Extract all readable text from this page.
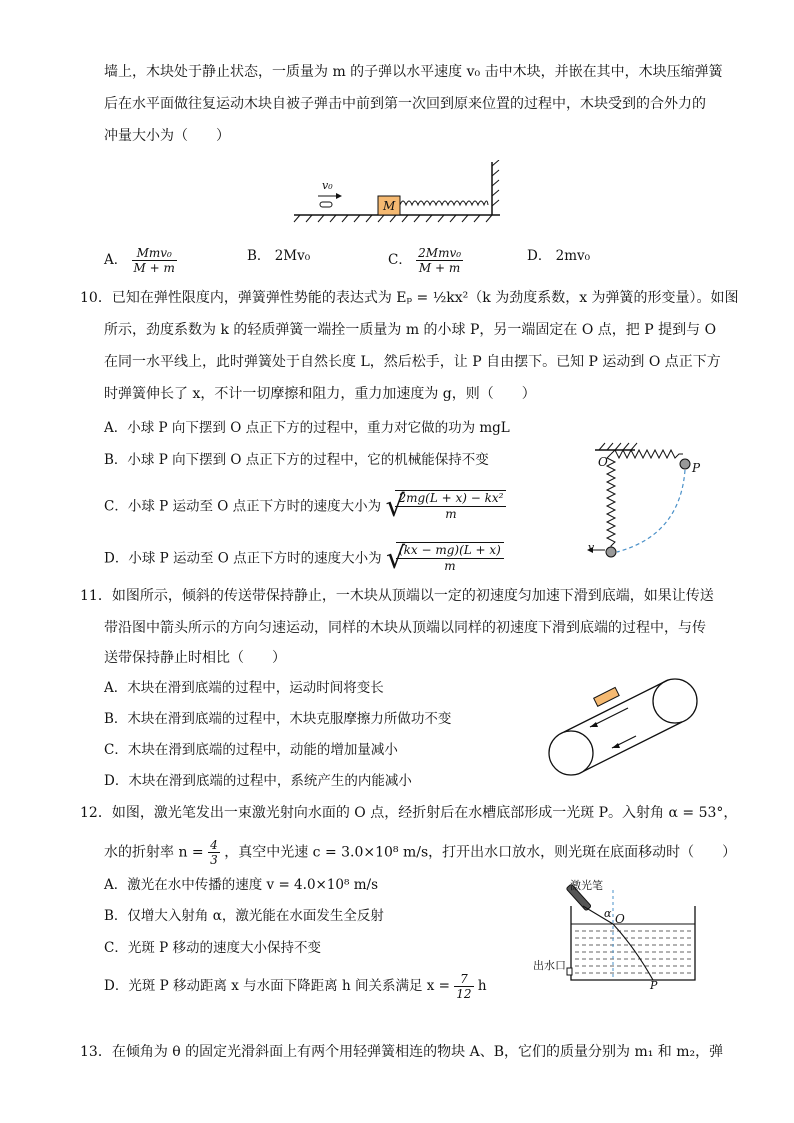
墙上，木块处于静止状态，一质量为 m 的子弹以水平速度 v₀ 击中木块，并嵌在其中，木块压缩弹簧
后在水平面做往复运动木块自被子弹击中前到第一次回到原来位置的过程中，木块受到的合外力的
冲量大小为（　　）
v₀
M
A． $\frac{\text{Mmv₀}}{M + m}$	B． 2Mv₀	C． $\frac{\text{2Mmv₀}}{M + m}$	D． 2mv₀
10．已知在弹性限度内，弹簧弹性势能的表达式为 Eₚ = ½kx²（k 为劲度系数，x 为弹簧的形变量）。如图
所示，劲度系数为 k 的轻质弹簧一端拴一质量为 m 的小球 P，另一端固定在 O 点，把 P 提到与 O
在同一水平线上，此时弹簧处于自然长度 L，然后松手，让 P 自由摆下。已知 P 运动到 O 点正下方
时弹簧伸长了 x，不计一切摩擦和阻力，重力加速度为 g，则（　　）
A．小球 P 向下摆到 O 点正下方的过程中，重力对它做的功为 mgL
B．小球 P 向下摆到 O 点正下方的过程中，它的机械能保持不变
C．小球 P 运动至 O 点正下方时的速度大小为 √
$\frac{\text{2mg(L + x) − kx²}}{m}$
D．小球 P 运动至 O 点正下方时的速度大小为 √
$\frac{(kx - mg)(L + x)}{m}$
O	P
v
11．如图所示，倾斜的传送带保持静止，一木块从顶端以一定的初速度匀加速下滑到底端，如果让传送
带沿图中箭头所示的方向匀速运动，同样的木块从顶端以同样的初速度下滑到底端的过程中，与传
送带保持静止时相比（　　）
A．木块在滑到底端的过程中，运动时间将变长
B．木块在滑到底端的过程中，木块克服摩擦力所做功不变
C．木块在滑到底端的过程中，动能的增加量减小
D．木块在滑到底端的过程中，系统产生的内能减小
12．如图，激光笔发出一束激光射向水面的 O 点，经折射后在水槽底部形成一光斑 P。入射角 α = 53°，
水的折射率 $n = \frac{4}{3}$ ，真空中光速 c = 3.0×10⁸ m/s，打开出水口放水，则光斑在底面移动时（　　）
A．激光在水中传播的速度 v = 4.0×10⁸ m/s
B．仅增大入射角 α，激光能在水面发生全反射
C．光斑 P 移动的速度大小保持不变
D．光斑 P 移动距离 x 与水面下降距离 h 间关系满足 $x = \frac{7}{12}$ h
激光笔
α O
出水口
P
13．在倾角为 θ 的固定光滑斜面上有两个用轻弹簧相连的物块 A、B，它们的质量分别为 m₁ 和 m₂，弹
